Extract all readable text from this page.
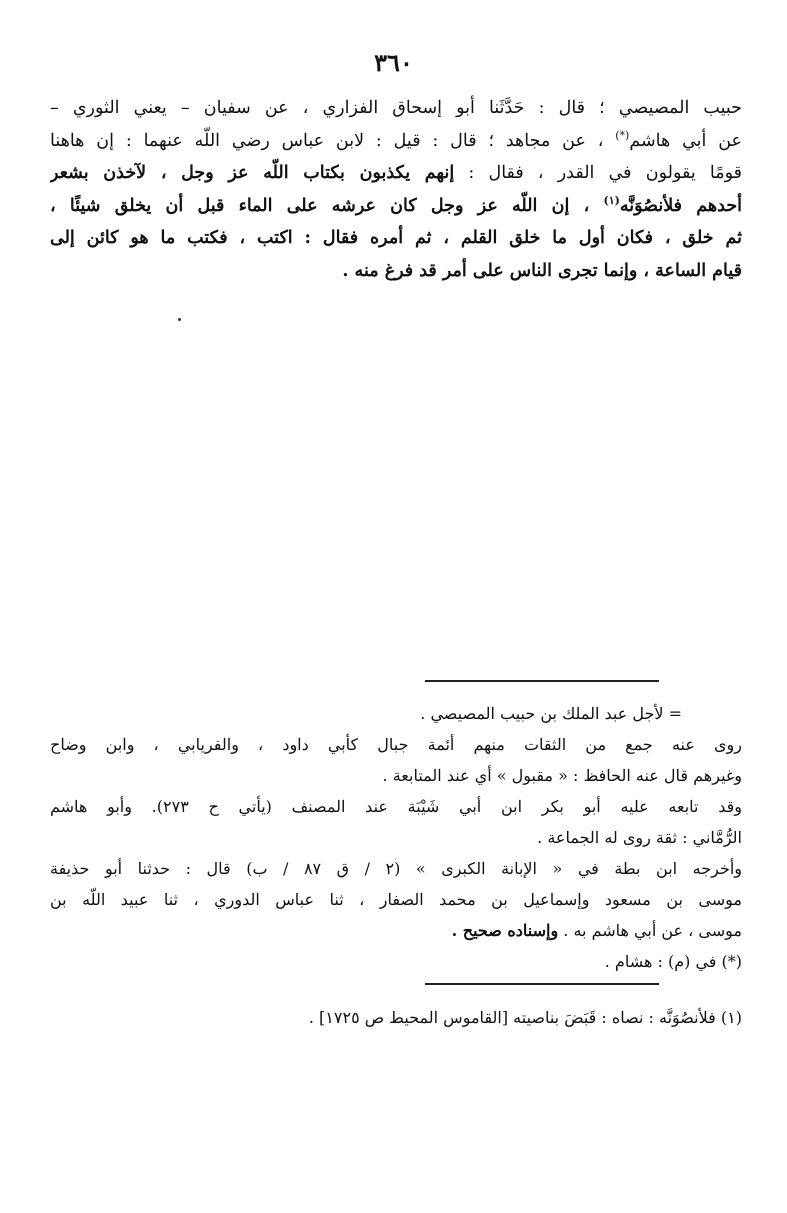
٣٦٠
حبيب المصيصي ؛ قال : حَدَّثَنا أبو إسحاق الفزاري ، عن سفيان – يعني الثوري –
عن أبي هاشم(*) ، عن مجاهد ؛ قال : قيل : لابن عباس رضي اللّه عنهما : إن هاهنا
قومًا يقولون في القدر ، فقال : إنهم يكذبون بكتاب اللّه عز وجل ، لآخذن بشعر
أحدهم فلأنصُوَنَّه$^{(١)}$ ، إن اللّه عز وجل كان عرشه على الماء قبل أن يخلق شيئًا ،
ثم خلق ، فكان أول ما خلق القلم ، ثم أمره فقال : اكتب ، فكتب ما هو كائن إلى
قيام الساعة ، وإنما تجرى الناس على أمر قد فرغ منه .
= لأجل عبد الملك بن حبيب المصيصي .
روى عنه جمع من الثقات منهم أئمة جبال كأبي داود ، والفريابي ، وابن وضاح
وغيرهم قال عنه الحافظ : « مقبول » أي عند المتابعة .
وقد تابعه عليه أبو بكر ابن أبي شَيْبَة عند المصنف (يأتي ح ٢٧٣). وأبو هاشم
الرُّمَّاني : ثقة روى له الجماعة .
وأخرجه ابن بطة في « الإبانة الكبرى » (٢ / ق ٨٧ / ب) قال : حدثنا أبو حذيفة
موسى بن مسعود وإسماعيل بن محمد الصفار ، ثنا عباس الدوري ، ثنا عبيد اللّه بن
موسى ، عن أبي هاشم به . وإسناده صحيح .
(*) في (م) : هشام .
(١) فلأنصُوَنَّه : نصاه : قَبَضَ بناصيته [القاموس المحيط ص ١٧٢٥] .
